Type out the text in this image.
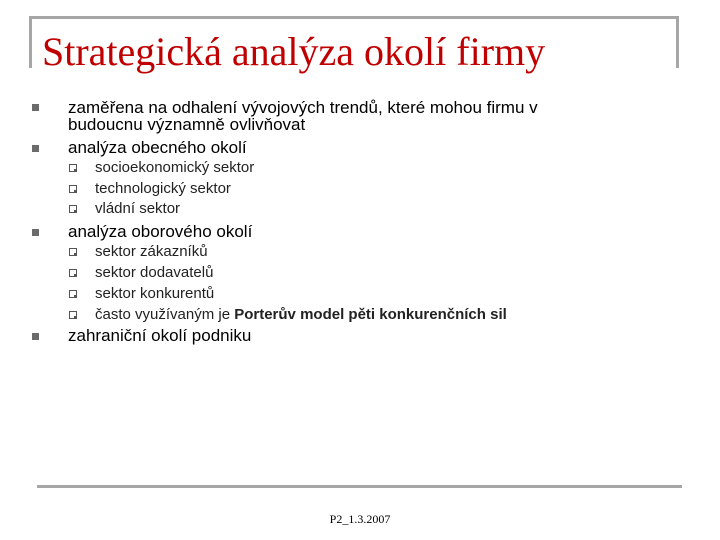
Strategická analýza okolí firmy
zaměřena na odhalení vývojových trendů, které mohou firmu v
budoucnu významně ovlivňovat
analýza obecného okolí
socioekonomický sektor
technologický sektor
vládní sektor
analýza oborového okolí
sektor zákazníků
sektor dodavatelů
sektor konkurentů
často využívaným je Porterův model pěti konkurenčních sil
zahraniční okolí podniku
P2_1.3.2007
